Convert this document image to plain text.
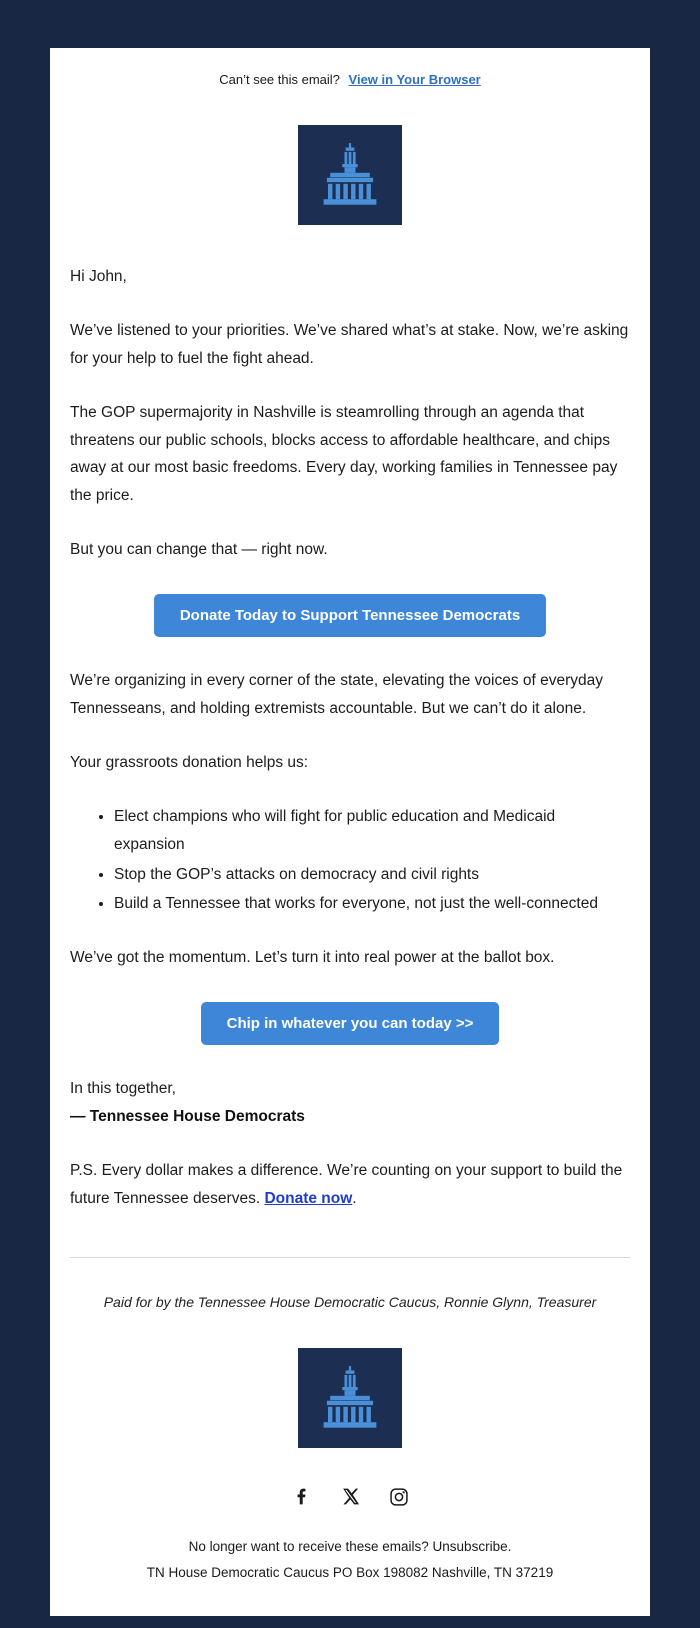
Can’t see this email? View in Your Browser

Hi John,

We’ve listened to your priorities. We’ve shared what’s at stake. Now, we’re asking for your help to fuel the fight ahead.

The GOP supermajority in Nashville is steamrolling through an agenda that threatens our public schools, blocks access to affordable healthcare, and chips away at our most basic freedoms. Every day, working families in Tennessee pay the price.

But you can change that — right now.

Donate Today to Support Tennessee Democrats

We’re organizing in every corner of the state, elevating the voices of everyday Tennesseans, and holding extremists accountable. But we can’t do it alone.

Your grassroots donation helps us:

• Elect champions who will fight for public education and Medicaid expansion
• Stop the GOP’s attacks on democracy and civil rights
• Build a Tennessee that works for everyone, not just the well-connected

We’ve got the momentum. Let’s turn it into real power at the ballot box.

Chip in whatever you can today >>

In this together,
— Tennessee House Democrats

P.S. Every dollar makes a difference. We’re counting on your support to build the future Tennessee deserves. Donate now.

Paid for by the Tennessee House Democratic Caucus, Ronnie Glynn, Treasurer

No longer want to receive these emails? Unsubscribe.
TN House Democratic Caucus PO Box 198082 Nashville, TN 37219
